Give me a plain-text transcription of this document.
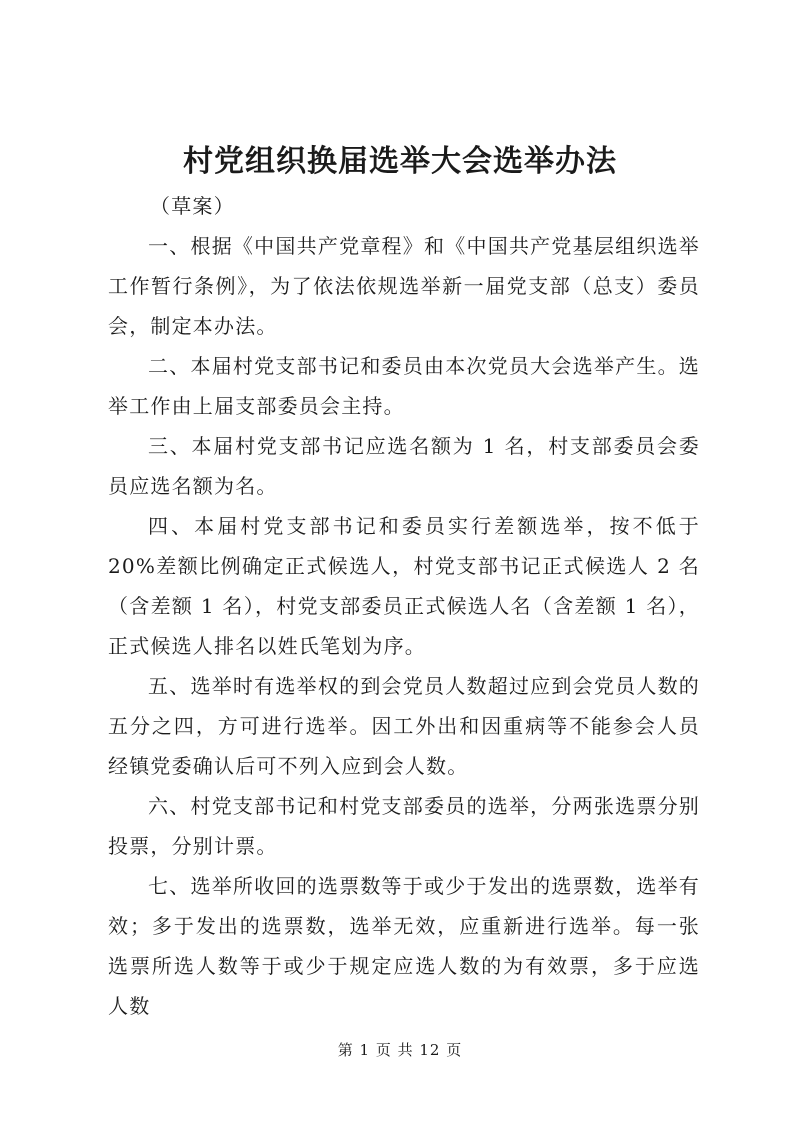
村党组织换届选举大会选举办法

（草案）

一、根据《中国共产党章程》和《中国共产党基层组织选举工作暂行条例》，为了依法依规选举新一届党支部（总支）委员会，制定本办法。

二、本届村党支部书记和委员由本次党员大会选举产生。选举工作由上届支部委员会主持。

三、本届村党支部书记应选名额为 1 名，村支部委员会委员应选名额为名。

四、本届村党支部书记和委员实行差额选举，按不低于 20%差额比例确定正式候选人，村党支部书记正式候选人 2 名（含差额 1 名），村党支部委员正式候选人名（含差额 1 名），正式候选人排名以姓氏笔划为序。

五、选举时有选举权的到会党员人数超过应到会党员人数的五分之四，方可进行选举。因工外出和因重病等不能参会人员经镇党委确认后可不列入应到会人数。

六、村党支部书记和村党支部委员的选举，分两张选票分别投票，分别计票。

七、选举所收回的选票数等于或少于发出的选票数，选举有效；多于发出的选票数，选举无效，应重新进行选举。每一张选票所选人数等于或少于规定应选人数的为有效票，多于应选人数

第 1 页 共 12 页
